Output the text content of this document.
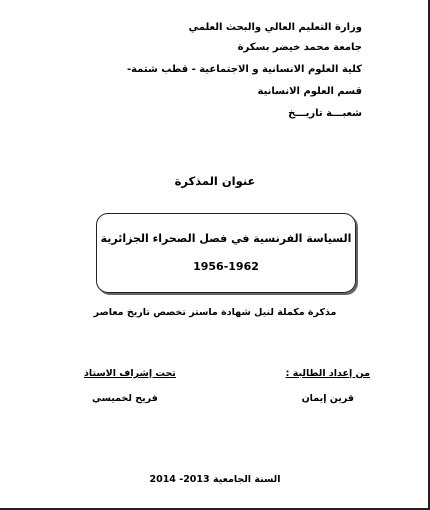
وزارة التعليم العالي والبحث العلمي
جامعة محمد خيضر بسكرة
كلية العلوم الانسانية و الاجتماعية - قطب شتمة-
قسم العلوم الانسانية
شعبـــة تاريـــخ
عنوان المذكرة
السياسة الفرنسية في فصل الصحراء الجزائرية
1956-1962
مذكرة مكملة لنيل شهادة ماستر تخصص تاريخ معاصر
من إعداد الطالبة :
تحت إشراف الاستاذ
قرين إيمان
فريح لخميسي
السنة الجامعية 2013- 2014
